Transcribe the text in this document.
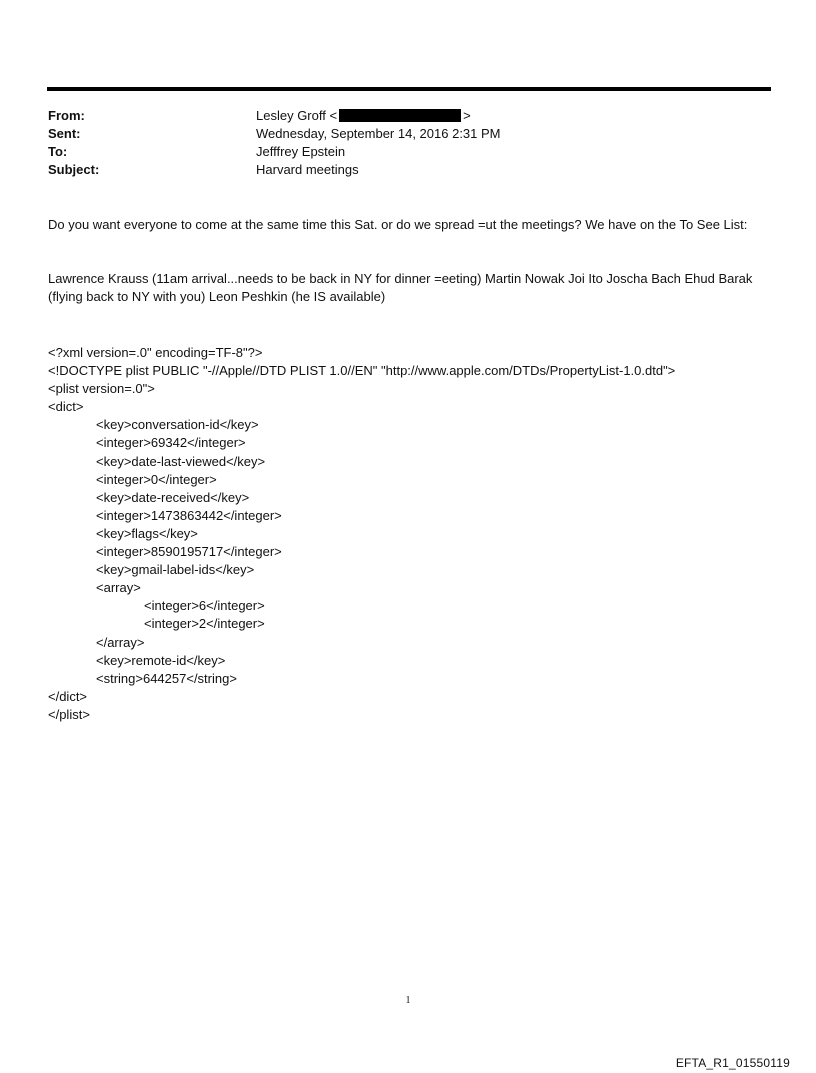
From:	Lesley Groff <	>
Sent:	Wednesday, September 14, 2016 2:31 PM
To:	Jefffrey Epstein
Subject:	Harvard meetings
Do you want everyone to come at the same time this Sat. or do we spread =ut the meetings? We have on the To See List:
Lawrence Krauss (11am arrival...needs to be back in NY for dinner =eeting) Martin Nowak Joi Ito Joscha Bach Ehud Barak (flying back to NY with you) Leon Peshkin (he IS available)
<?xml version=.0" encoding=TF-8"?>
<!DOCTYPE plist PUBLIC "-//Apple//DTD PLIST 1.0//EN" "http://www.apple.com/DTDs/PropertyList-1.0.dtd">
<plist version=.0">
<dict>
<key>conversation-id</key>
<integer>69342</integer>
<key>date-last-viewed</key>
<integer>0</integer>
<key>date-received</key>
<integer>1473863442</integer>
<key>flags</key>
<integer>8590195717</integer>
<key>gmail-label-ids</key>
<array>
<integer>6</integer>
<integer>2</integer>
</array>
<key>remote-id</key>
<string>644257</string>
</dict>
</plist>
1
EFTA_R1_01550119
